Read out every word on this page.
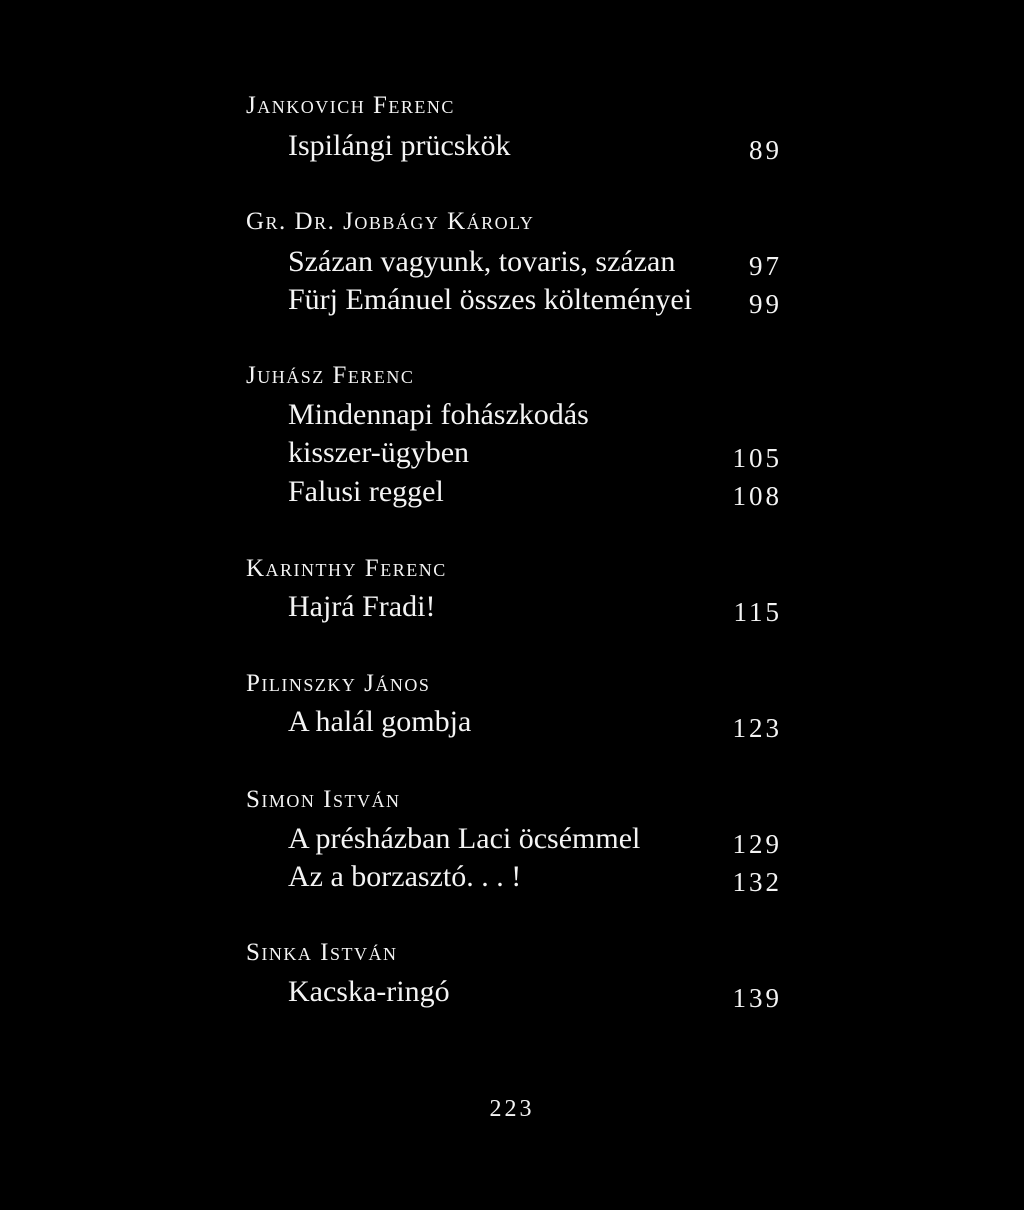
Jankovich Ferenc
Ispilángi prücskök	89
Gr. Dr. Jobbágy Károly
Százan vagyunk, tovaris, százan	97
Fürj Emánuel összes költeményei 99
Juhász Ferenc
Mindennapi fohászkodás
kisszer-ügyben	105
Falusi reggel	108
Karinthy Ferenc
Hajrá Fradi!	115
Pilinszky János
A halál gombja	123
Simon István
A présházban Laci öcsémmel	129
Az a borzasztó. . . !	132
Sinka István
Kacska-ringó	139
223
